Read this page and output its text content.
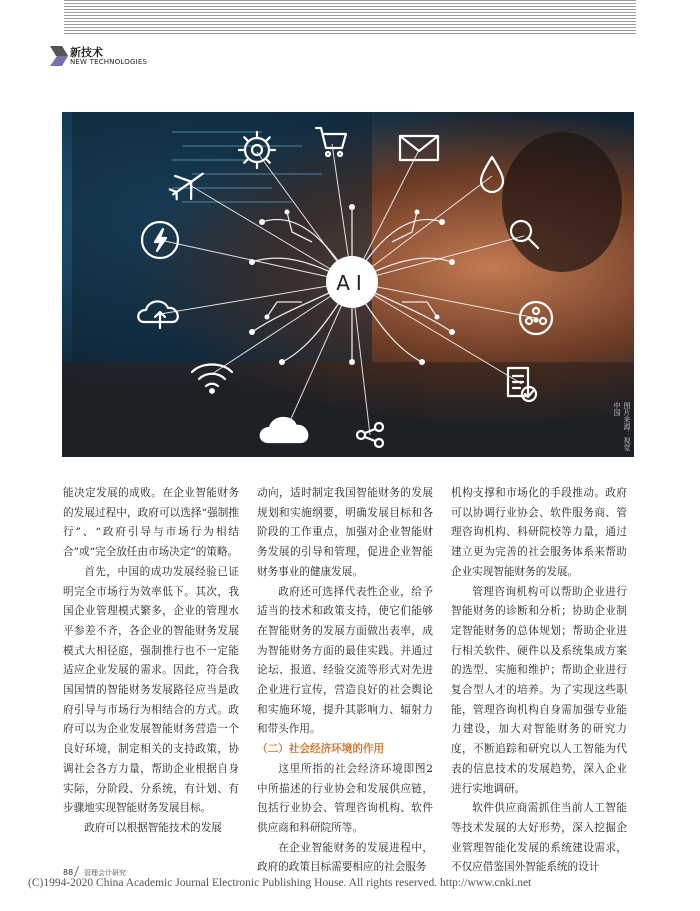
新技术
NEW TECHNOLOGIES
AI
图片来源：视觉中国

能决定发展的成败。在企业智能财务的发展过程中，政府可以选择“强制推行”、“政府引导与市场行为相结合”或“完全放任由市场决定”的策略。

首先，中国的成功发展经验已证明完全市场行为效率低下。其次，我国企业管理模式繁多，企业的管理水平参差不齐，各企业的智能财务发展模式大相径庭，强制推行也不一定能适应企业发展的需求。因此，符合我国国情的智能财务发展路径应当是政府引导与市场行为相结合的方式。政府可以为企业发展智能财务营造一个良好环境，制定相关的支持政策，协调社会各方力量，帮助企业根据自身实际，分阶段、分系统，有计划、有步骤地实现智能财务发展目标。

政府可以根据智能技术的发展

动向，适时制定我国智能财务的发展规划和实施纲要，明确发展目标和各阶段的工作重点，加强对企业智能财务发展的引导和管理，促进企业智能财务事业的健康发展。

政府还可选择代表性企业，给予适当的技术和政策支持，使它们能够在智能财务的发展方面做出表率，成为智能财务方面的最佳实践。并通过论坛、报道、经验交流等形式对先进企业进行宣传，营造良好的社会舆论和实施环境，提升其影响力、辐射力和带头作用。

（二）社会经济环境的作用

这里所指的社会经济环境即图2中所描述的行业协会和发展供应链，包括行业协会、管理咨询机构、软件供应商和科研院所等。

在企业智能财务的发展进程中，政府的政策目标需要相应的社会服务

机构支撑和市场化的手段推动。政府可以协调行业协会、软件服务商、管理咨询机构、科研院校等力量，通过建立更为完善的社会服务体系来帮助企业实现智能财务的发展。

管理咨询机构可以帮助企业进行智能财务的诊断和分析；协助企业制定智能财务的总体规划；帮助企业进行相关软件、硬件以及系统集成方案的选型、实施和维护；帮助企业进行复合型人才的培养。为了实现这些职能，管理咨询机构自身需加强专业能力建设，加大对智能财务的研究力度，不断追踪和研究以人工智能为代表的信息技术的发展趋势，深入企业进行实地调研。

软件供应商需抓住当前人工智能等技术发展的大好形势，深入挖掘企业管理智能化发展的系统建设需求，不仅应借鉴国外智能系统的设计

88 管理会计研究
(C)1994-2020 China Academic Journal Electronic Publishing House. All rights reserved. http://www.cnki.net
